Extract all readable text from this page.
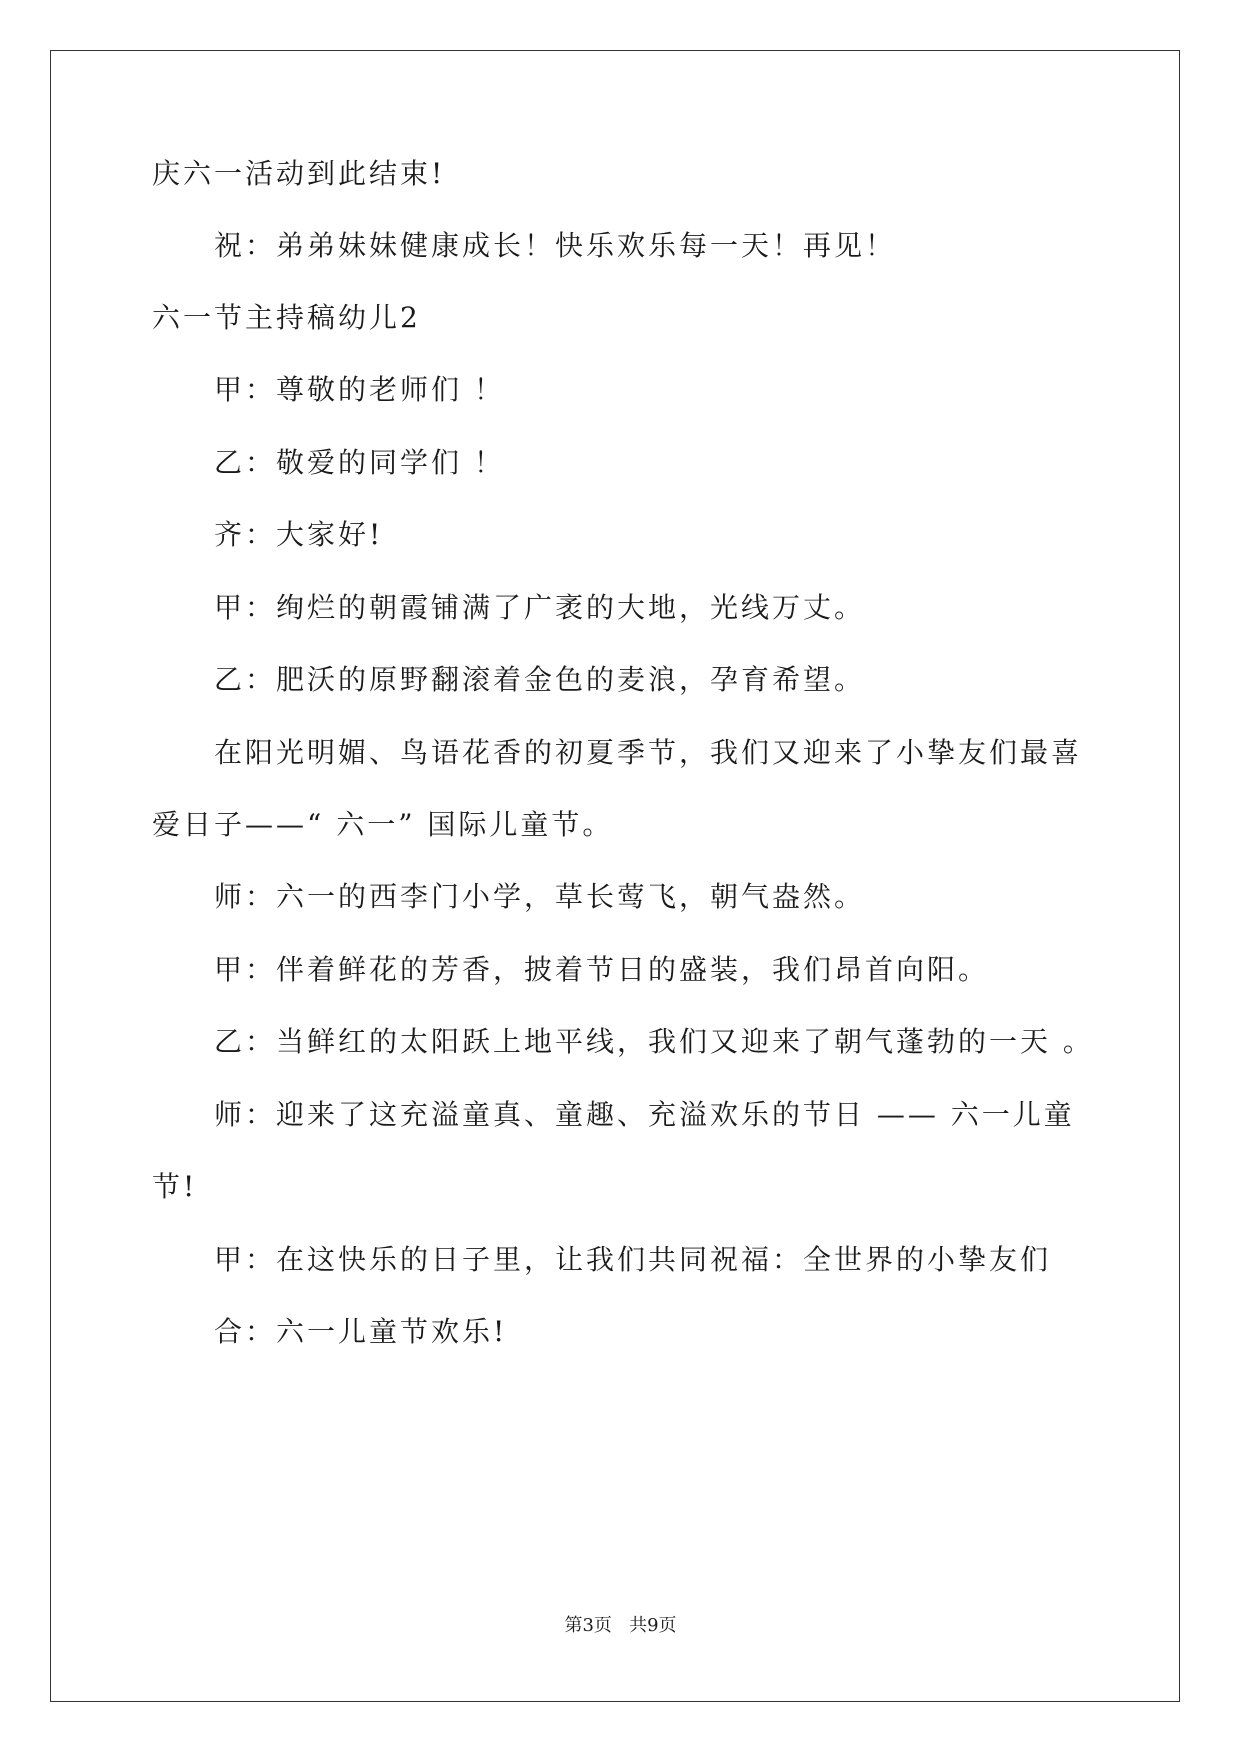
庆六一活动到此结束!
祝：弟弟妹妹健康成长！快乐欢乐每一天！再见！
六一节主持稿幼儿2
甲：尊敬的老师们 ！
乙：敬爱的同学们 ！
齐：大家好!
甲：绚烂的朝霞铺满了广袤的大地，光线万丈。
乙：肥沃的原野翻滚着金色的麦浪，孕育希望。
在阳光明媚、鸟语花香的初夏季节，我们又迎来了小挚友们最喜
爱日子——“ 六一” 国际儿童节。
师：六一的西李门小学，草长莺飞，朝气盎然。
甲：伴着鲜花的芳香，披着节日的盛装，我们昂首向阳。
乙：当鲜红的太阳跃上地平线，我们又迎来了朝气蓬勃的一天 。
师：迎来了这充溢童真、童趣、充溢欢乐的节日 —— 六一儿童
节!
甲：在这快乐的日子里，让我们共同祝福：全世界的小挚友们
合：六一儿童节欢乐!
第3页   共9页
